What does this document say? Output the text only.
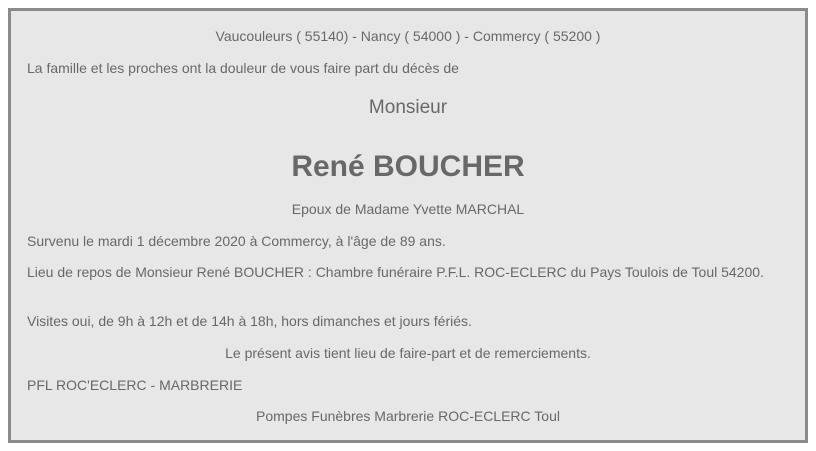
Vaucouleurs ( 55140) - Nancy ( 54000 ) - Commercy ( 55200 )
La famille et les proches ont la douleur de vous faire part du décès de
Monsieur
René BOUCHER
Epoux de Madame Yvette MARCHAL
Survenu le mardi 1 décembre 2020 à Commercy, à l'âge de 89 ans.
Lieu de repos de Monsieur René BOUCHER : Chambre funéraire P.F.L. ROC-ECLERC du Pays Toulois de Toul 54200.
Visites oui, de 9h à 12h et de 14h à 18h, hors dimanches et jours fériés.
Le présent avis tient lieu de faire-part et de remerciements.
PFL ROC'ECLERC - MARBRERIE
Pompes Funèbres Marbrerie ROC-ECLERC Toul
